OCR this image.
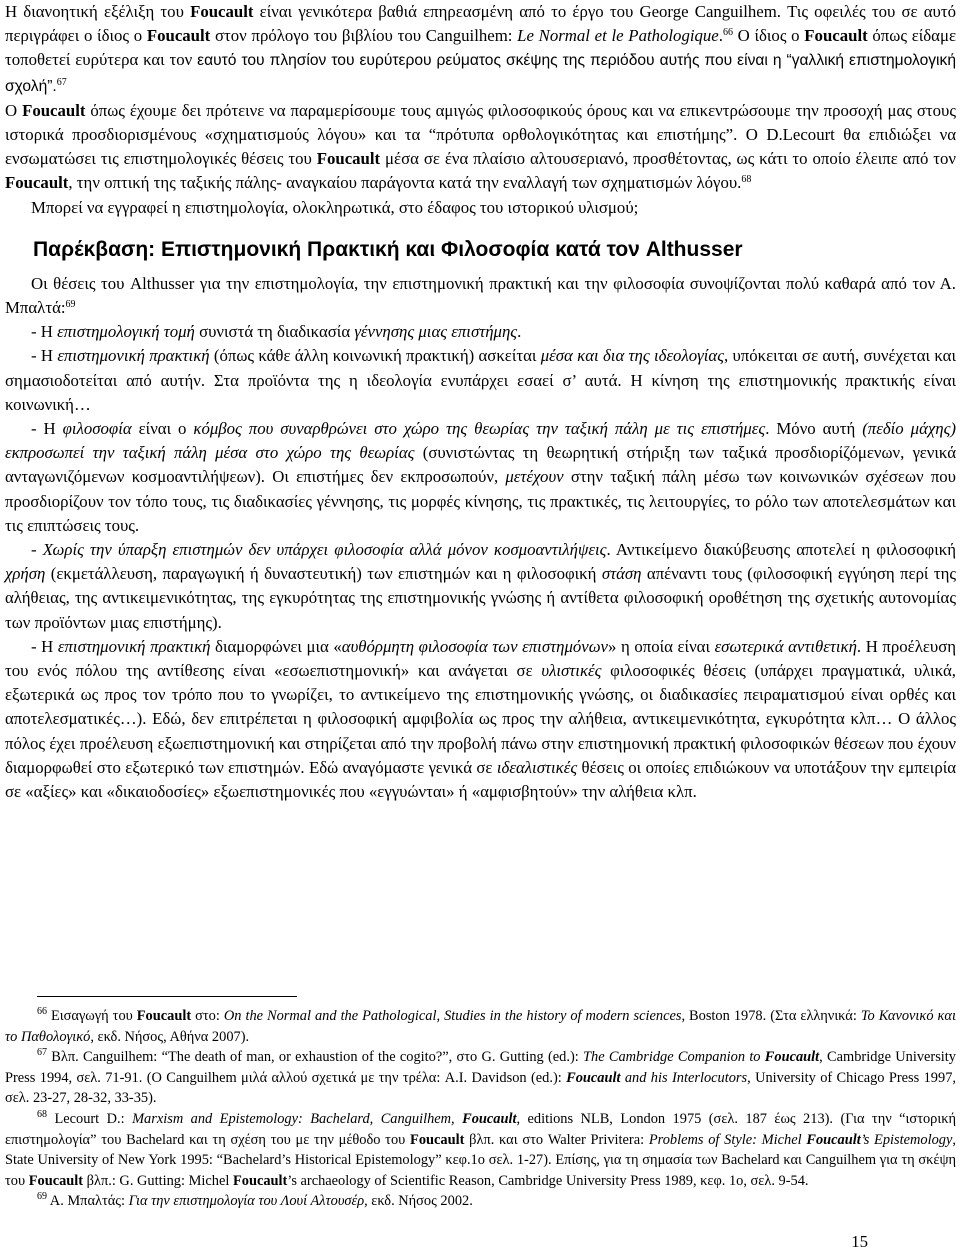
Η διανοητική εξέλιξη του Foucault είναι γενικότερα βαθιά επηρεασμένη από το έργο του George Canguilhem. Τις οφειλές του σε αυτό περιγράφει ο ίδιος ο Foucault στον πρόλογο του βιβλίου του Canguilhem: Le Normal et le Pathologique.$^{66}$ Ο ίδιος ο Foucault όπως είδαμε τοποθετεί ευρύτερα και τον εαυτό του πλησίον του ευρύτερου ρεύματος σκέψης της περιόδου αυτής που είναι η “γαλλική επιστημολογική σχολή”.$^{67}$

Ο Foucault όπως έχουμε δει πρότεινε να παραμερίσουμε τους αμιγώς φιλοσοφικούς όρους και να επικεντρώσουμε την προσοχή μας στους ιστορικά προσδιορισμένους «σχηματισμούς λόγου» και τα “πρότυπα ορθολογικότητας και επιστήμης”. Ο D.Lecourt θα επιδιώξει να ενσωματώσει τις επιστημολογικές θέσεις του Foucault μέσα σε ένα πλαίσιο αλτουσεριανό, προσθέτοντας, ως κάτι το οποίο έλειπε από τον Foucault, την οπτική της ταξικής πάλης- αναγκαίου παράγοντα κατά την εναλλαγή των σχηματισμών λόγου.$^{68}$

Μπορεί να εγγραφεί η επιστημολογία, ολοκληρωτικά, στο έδαφος του ιστορικού υλισμού;

Παρέκβαση: Επιστημονική Πρακτική και Φιλοσοφία κατά τον Althusser

Οι θέσεις του Althusser για την επιστημολογία, την επιστημονική πρακτική και την φιλοσοφία συνοψίζονται πολύ καθαρά από τον Α. Μπαλτά:$^{69}$

- Η επιστημολογική τομή συνιστά τη διαδικασία γέννησης μιας επιστήμης.

- Η επιστημονική πρακτική (όπως κάθε άλλη κοινωνική πρακτική) ασκείται μέσα και δια της ιδεολογίας, υπόκειται σε αυτή, συνέχεται και σημασιοδοτείται από αυτήν. Στα προϊόντα της η ιδεολογία ενυπάρχει εσαεί σ’ αυτά. Η κίνηση της επιστημονικής πρακτικής είναι κοινωνική…

- Η φιλοσοφία είναι ο κόμβος που συναρθρώνει στο χώρο της θεωρίας την ταξική πάλη με τις επιστήμες. Μόνο αυτή (πεδίο μάχης) εκπροσωπεί την ταξική πάλη μέσα στο χώρο της θεωρίας (συνιστώντας τη θεωρητική στήριξη των ταξικά προσδιορίζόμενων, γενικά ανταγωνιζόμενων κοσμοαντιλήψεων). Οι επιστήμες δεν εκπροσωπούν, μετέχουν στην ταξική πάλη μέσω των κοινωνικών σχέσεων που προσδιορίζουν τον τόπο τους, τις διαδικασίες γέννησης, τις μορφές κίνησης, τις πρακτικές, τις λειτουργίες, το ρόλο των αποτελεσμάτων και τις επιπτώσεις τους.

- Χωρίς την ύπαρξη επιστημών δεν υπάρχει φιλοσοφία αλλά μόνον κοσμοαντιλήψεις. Αντικείμενο διακύβευσης αποτελεί η φιλοσοφική χρήση (εκμετάλλευση, παραγωγική ή δυναστευτική) των επιστημών και η φιλοσοφική στάση απέναντι τους (φιλοσοφική εγγύηση περί της αλήθειας, της αντικειμενικότητας, της εγκυρότητας της επιστημονικής γνώσης ή αντίθετα φιλοσοφική οροθέτηση της σχετικής αυτονομίας των προϊόντων μιας επιστήμης).

- Η επιστημονική πρακτική διαμορφώνει μια «αυθόρμητη φιλοσοφία των επιστημόνων» η οποία είναι εσωτερικά αντιθετική. Η προέλευση του ενός πόλου της αντίθεσης είναι «εσωεπιστημονική» και ανάγεται σε υλιστικές φιλοσοφικές θέσεις (υπάρχει πραγματικά, υλικά, εξωτερικά ως προς τον τρόπο που το γνωρίζει, το αντικείμενο της επιστημονικής γνώσης, οι διαδικασίες πειραματισμού είναι ορθές και αποτελεσματικές…). Εδώ, δεν επιτρέπεται η φιλοσοφική αμφιβολία ως προς την αλήθεια, αντικειμενικότητα, εγκυρότητα κλπ… Ο άλλος πόλος έχει προέλευση εξωεπιστημονική και στηρίζεται από την προβολή πάνω στην επιστημονική πρακτική φιλοσοφικών θέσεων που έχουν διαμορφωθεί στο εξωτερικό των επιστημών. Εδώ αναγόμαστε γενικά σε ιδεαλιστικές θέσεις οι οποίες επιδιώκουν να υποτάξουν την εμπειρία σε «αξίες» και «δικαιοδοσίες» εξωεπιστημονικές που «εγγυώνται» ή «αμφισβητούν» την αλήθεια κλπ.

$^{66}$ Εισαγωγή του Foucault στο: On the Normal and the Pathological, Studies in the history of modern sciences, Boston 1978. (Στα ελληνικά: Το Κανονικό και το Παθολογικό, εκδ. Νήσος, Αθήνα 2007).

$^{67}$ Βλπ. Canguilhem: “The death of man, or exhaustion of the cogito?”, στο G. Gutting (ed.): The Cambridge Companion to Foucault, Cambridge University Press 1994, σελ. 71-91. (Ο Canguilhem μιλά αλλού σχετικά με την τρέλα: A.I. Davidson (ed.): Foucault and his Interlocutors, University of Chicago Press 1997, σελ. 23-27, 28-32, 33-35).

$^{68}$ Lecourt D.: Marxism and Epistemology: Bachelard, Canguilhem, Foucault, editions NLB, London 1975 (σελ. 187 έως 213). (Για την “ιστορική επιστημολογία” του Bachelard και τη σχέση του με την μέθοδο του Foucault βλπ. και στο Walter Privitera: Problems of Style: Michel Foucault’s Epistemology, State University of New York 1995: “Bachelard’s Historical Epistemology” κεφ.1ο σελ. 1-27). Επίσης, για τη σημασία των Bachelard και Canguilhem για τη σκέψη του Foucault βλπ.: G. Gutting: Michel Foucault’s archaeology of Scientific Reason, Cambridge University Press 1989, κεφ. 1ο, σελ. 9-54.

$^{69}$ Α. Μπαλτάς: Για την επιστημολογία του Λουί Αλτουσέρ, εκδ. Νήσος 2002.

15
